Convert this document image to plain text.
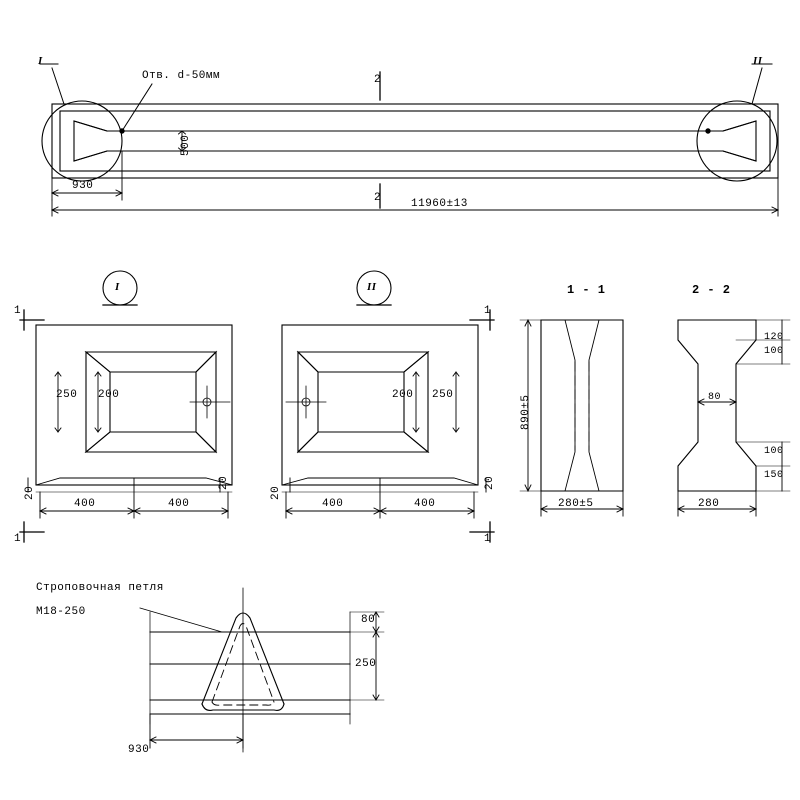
I	II
Отв. d-50мм	2
2
500
930
11960±13
I
1
1
250 200
20
20
400	400
II
1
1
200 250
20
20
400	400
1 - 1
890±5
280±5
2 - 2
120
100
80
100
150
280
Строповочная петля
М18-250
80
250
930
